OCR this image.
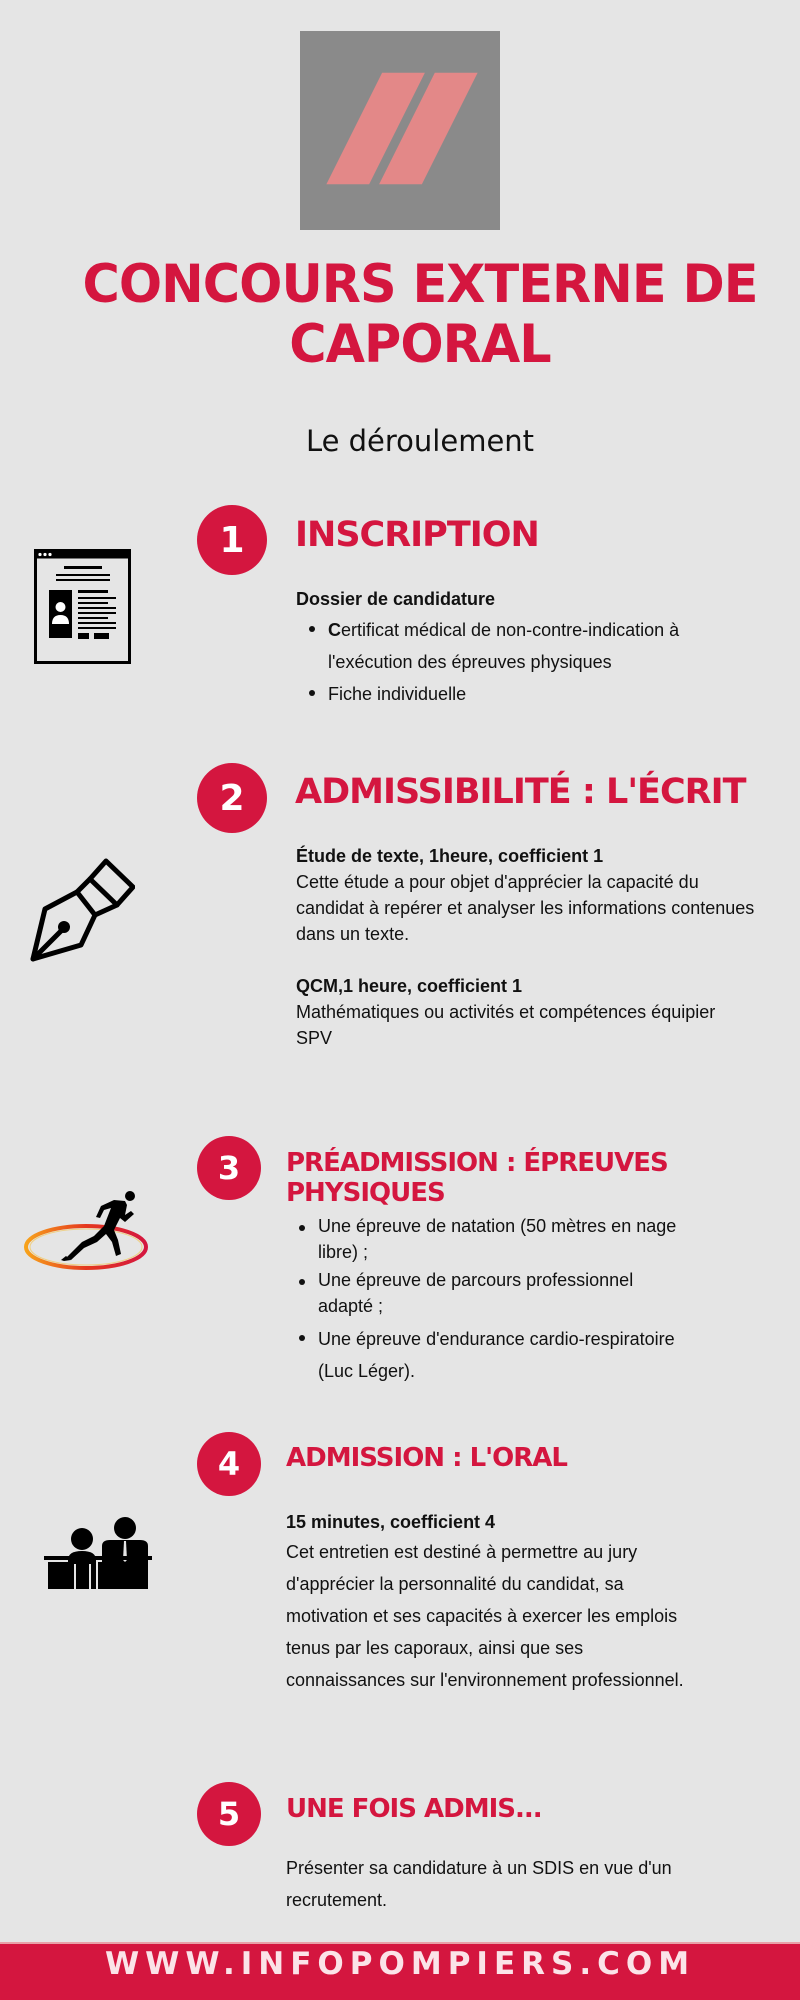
CONCOURS EXTERNE DE CAPORAL
Le déroulement
1	INSCRIPTION
Dossier de candidature
Certificat médical de non-contre-indication à l'exécution des épreuves physiques
Fiche individuelle
2	ADMISSIBILITÉ : L'ÉCRIT
Étude de texte, 1heure, coefficient 1
Cette étude a pour objet d'apprécier la capacité du candidat à repérer et analyser les informations contenues dans un texte.
QCM,1 heure, coefficient 1
Mathématiques ou activités et compétences équipier SPV
3	PRÉADMISSION : ÉPREUVES PHYSIQUES
Une épreuve de natation (50 mètres en nage libre) ;
Une épreuve de parcours professionnel adapté ;
Une épreuve d'endurance cardio-respiratoire (Luc Léger).
4	ADMISSION : L'ORAL
15 minutes, coefficient 4
Cet entretien est destiné à permettre au jury d'apprécier la personnalité du candidat, sa motivation et ses capacités à exercer les emplois tenus par les caporaux, ainsi que ses connaissances sur l'environnement professionnel.
5	UNE FOIS ADMIS...
Présenter sa candidature à un SDIS en vue d'un recrutement.
WWW.INFOPOMPIERS.COM
